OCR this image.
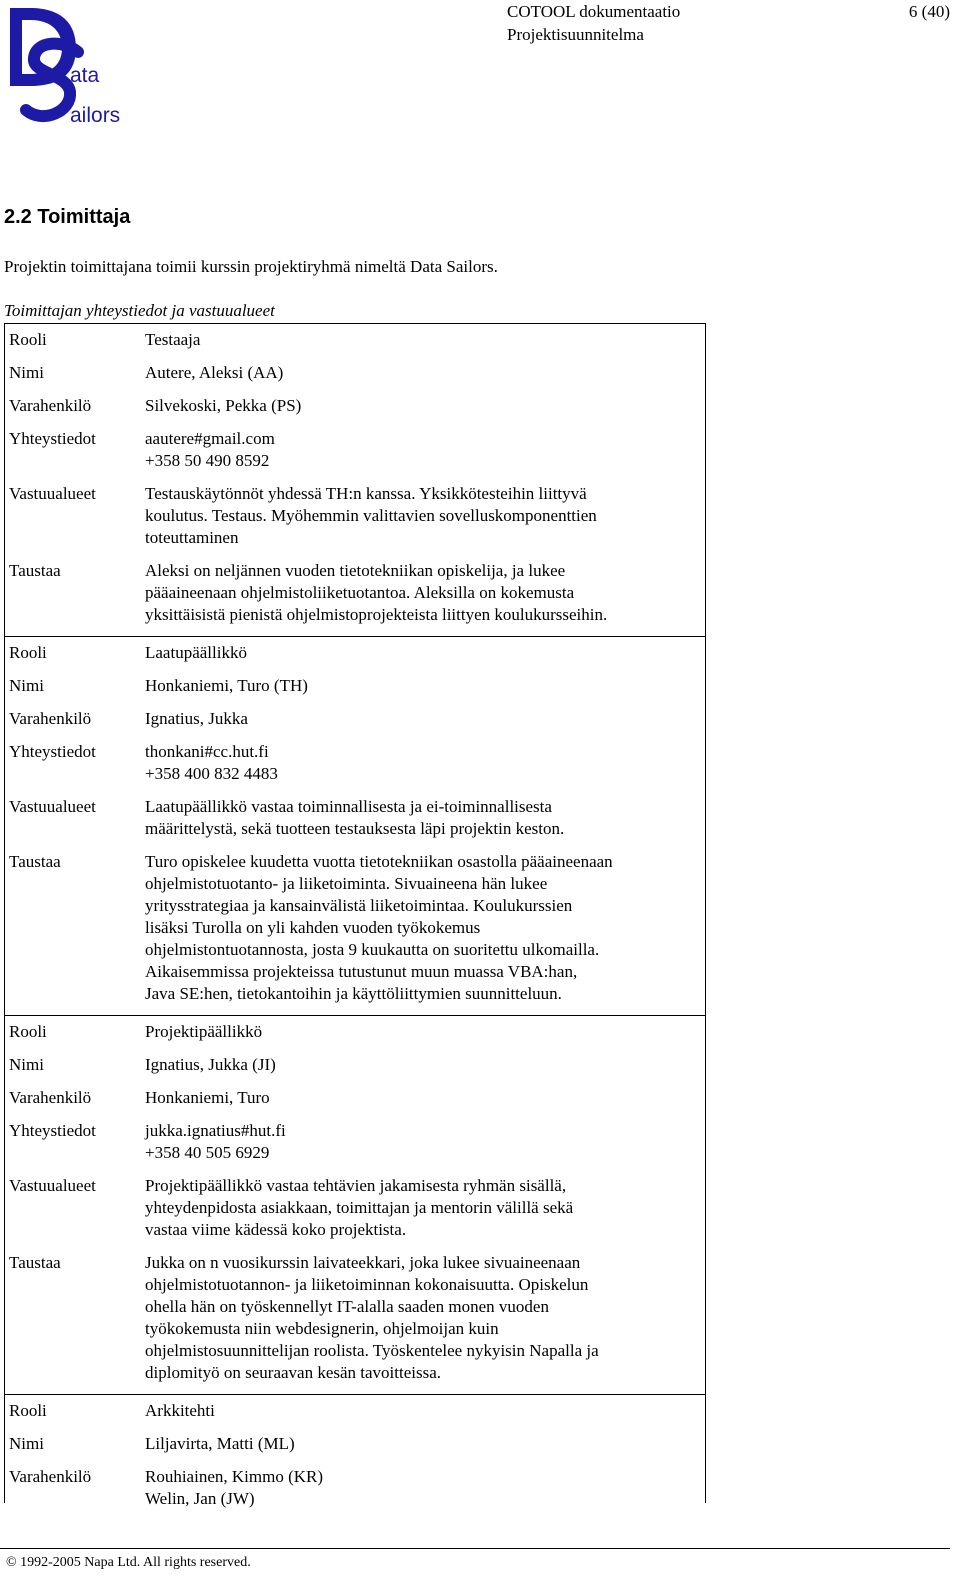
ata
ailors
COTOOL dokumentaatio
Projektisuunnitelma
6 (40)
2.2 Toimittaja
Projektin toimittajana toimii kurssin projektiryhmä nimeltä Data Sailors.
Toimittajan yhteystiedot ja vastuualueet
Rooli	Testaaja
Nimi	Autere, Aleksi (AA)
Varahenkilö	Silvekoski, Pekka (PS)
Yhteystiedot	aautere#gmail.com
+358 50 490 8592
Vastuualueet	Testauskäytönnöt yhdessä TH:n kanssa. Yksikkötesteihin liittyvä
koulutus. Testaus. Myöhemmin valittavien sovelluskomponenttien
toteuttaminen
Taustaa	Aleksi on neljännen vuoden tietotekniikan opiskelija, ja lukee
pääaineenaan ohjelmistoliiketuotantoa. Aleksilla on kokemusta
yksittäisistä pienistä ohjelmistoprojekteista liittyen koulukursseihin.
Rooli	Laatupäällikkö
Nimi	Honkaniemi, Turo (TH)
Varahenkilö	Ignatius, Jukka
Yhteystiedot	thonkani#cc.hut.fi
+358 400 832 4483
Vastuualueet	Laatupäällikkö vastaa toiminnallisesta ja ei-toiminnallisesta
määrittelystä, sekä tuotteen testauksesta läpi projektin keston.
Taustaa	Turo opiskelee kuudetta vuotta tietotekniikan osastolla pääaineenaan
ohjelmistotuotanto- ja liiketoiminta. Sivuaineena hän lukee
yritysstrategiaa ja kansainvälistä liiketoimintaa. Koulukurssien
lisäksi Turolla on yli kahden vuoden työkokemus
ohjelmistontuotannosta, josta 9 kuukautta on suoritettu ulkomailla.
Aikaisemmissa projekteissa tutustunut muun muassa VBA:han,
Java SE:hen, tietokantoihin ja käyttöliittymien suunnitteluun.
Rooli	Projektipäällikkö
Nimi	Ignatius, Jukka (JI)
Varahenkilö	Honkaniemi, Turo
Yhteystiedot	jukka.ignatius#hut.fi
+358 40 505 6929
Vastuualueet	Projektipäällikkö vastaa tehtävien jakamisesta ryhmän sisällä,
yhteydenpidosta asiakkaan, toimittajan ja mentorin välillä sekä
vastaa viime kädessä koko projektista.
Taustaa	Jukka on n vuosikurssin laivateekkari, joka lukee sivuaineenaan
ohjelmistotuotannon- ja liiketoiminnan kokonaisuutta. Opiskelun
ohella hän on työskennellyt IT-alalla saaden monen vuoden
työkokemusta niin webdesignerin, ohjelmoijan kuin
ohjelmistosuunnittelijan roolista. Työskentelee nykyisin Napalla ja
diplomityö on seuraavan kesän tavoitteissa.
Rooli	Arkkitehti
Nimi	Liljavirta, Matti (ML)
Varahenkilö	Rouhiainen, Kimmo (KR)
Welin, Jan (JW)
© 1992-2005 Napa Ltd. All rights reserved.
